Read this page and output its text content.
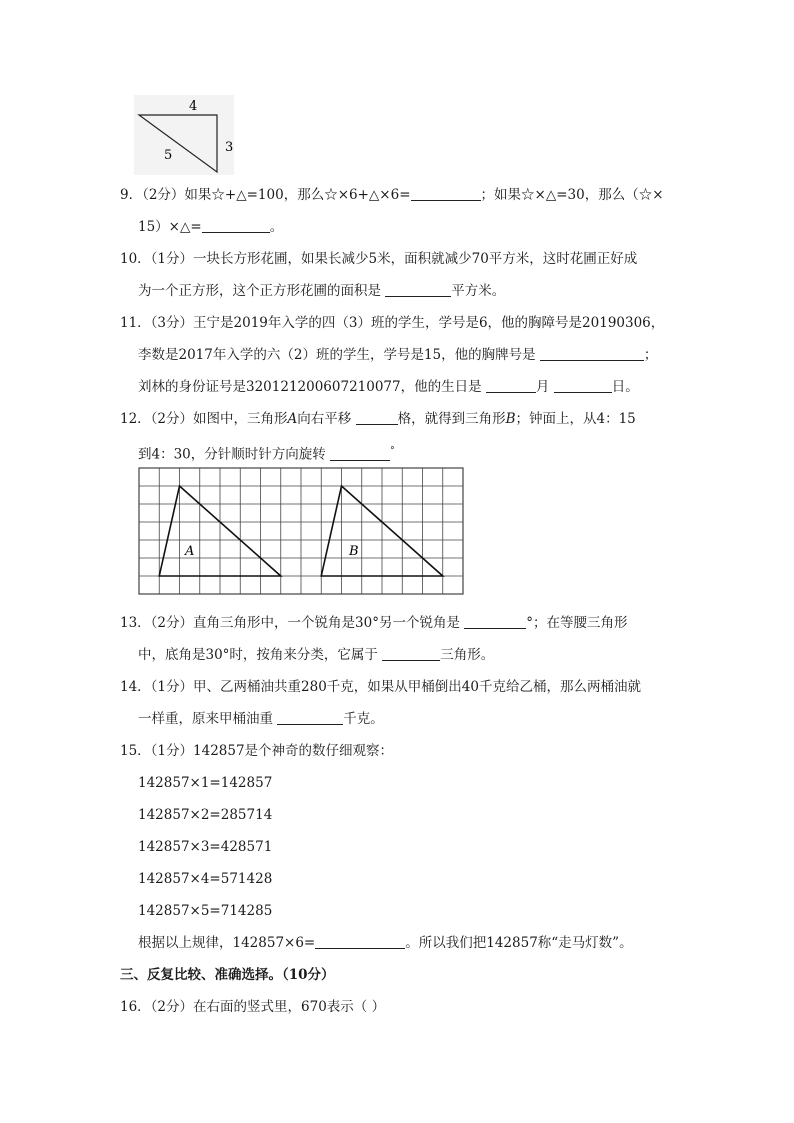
4
3
5
9．（2分）如果☆+△=100，那么☆×6+△×6=	；如果☆×△=30，那么（☆×
15）×△=	。
10．（1分）一块长方形花圃，如果长减少5米，面积就减少70平方米，这时花圃正好成
为一个正方形，这个正方形花圃的面积是	平方米。
11．（3分）王宁是2019年入学的四（3）班的学生，学号是6，他的胸障号是20190306，
李数是2017年入学的六（2）班的学生，学号是15，他的胸牌号是	；
刘林的身份证号是320121200607210077，他的生日是	月	日。
12．（2分）如图中，三角形A向右平移	格，就得到三角形B；钟面上，从4：15
到4：30，分针顺时针方向旋转	°
A	B
13．（2分）直角三角形中，一个锐角是30°另一个锐角是	°；在等腰三角形
中，底角是30°时，按角来分类，它属于	三角形。
14．（1分）甲、乙两桶油共重280千克，如果从甲桶倒出40千克给乙桶，那么两桶油就
一样重，原来甲桶油重	千克。
15．（1分）142857是个神奇的数仔细观察：
142857×1=142857
142857×2=285714
142857×3=428571
142857×4=571428
142857×5=714285
根据以上规律，142857×6=	。所以我们把142857称“走马灯数”。
三、反复比较、准确选择。（10分）
16．（2分）在右面的竖式里，670表示（ ）
